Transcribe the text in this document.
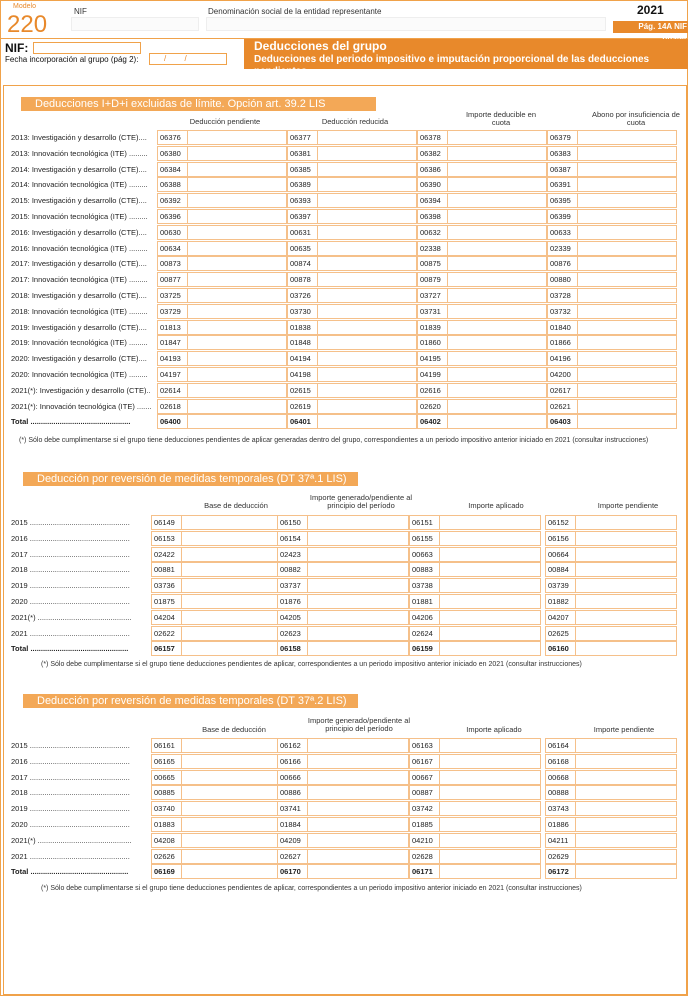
Modelo
220	NIF	Denominación social de la entidad representante	2021
Pág. 14A NIF
NIF:
Fecha incorporación al grupo (pág 2):	/ /
Deducciones del grupo
Deducciones del periodo impositivo e imputación proporcional de las deducciones pendientes
Deducciones I+D+i excluidas de límite. Opción art. 39.2 LIS
Deducción pendiente	Deducción reducida
Importe deducible en cuota
Abono por insuficiencia de cuota
2013: Investigación y desarrollo (CTE)....	06376	06377	06378	06379
2013: Innovación tecnológica (ITE) .........	06380	06381	06382	06383
2014: Investigación y desarrollo (CTE)....	06384	06385	06386	06387
2014: Innovación tecnológica (ITE) .........	06388	06389	06390	06391
2015: Investigación y desarrollo (CTE)....	06392	06393	06394	06395
2015: Innovación tecnológica (ITE) .........	06396	06397	06398	06399
2016: Investigación y desarrollo (CTE)....	00630	00631	00632	00633
2016: Innovación tecnológica (ITE) .........	00634	00635	02338	02339
2017: Investigación y desarrollo (CTE)....	00873	00874	00875	00876
2017: Innovación tecnológica (ITE) .........	00877	00878	00879	00880
2018: Investigación y desarrollo (CTE)....	03725	03726	03727	03728
2018: Innovación tecnológica (ITE) .........	03729	03730	03731	03732
2019: Investigación y desarrollo (CTE)....	01813	01838	01839	01840
2019: Innovación tecnológica (ITE) .........	01847	01848	01860	01866
2020: Investigación y desarrollo (CTE)....	04193	04194	04195	04196
2020: Innovación tecnológica (ITE) .........	04197	04198	04199	04200
2021(*): Investigación y desarrollo (CTE)..	02614	02615	02616	02617
2021(*): Innovación tecnológica (ITE) .......	02618	02619	02620	02621
Total ................................................	06400	06401	06402	06403
(*) Sólo debe cumplimentarse si el grupo tiene deducciones pendientes de aplicar generadas dentro del grupo, correspondientes a un periodo impositivo anterior iniciado en 2021 (consultar instrucciones)
Deducción por reversión de medidas temporales (DT 37ª.1 LIS)
Base de deducción
Importe generado/pendiente al principio del período	Importe aplicado	Importe pendiente
2015 ................................................	06149	06150	06151	06152
2016 ................................................	06153	06154	06155	06156
2017 ................................................	02422	02423	00663	00664
2018 ................................................	00881	00882	00883	00884
2019 ................................................	03736	03737	03738	03739
2020 ................................................	01875	01876	01881	01882
2021(*) .............................................	04204	04205	04206	04207
2021 ................................................	02622	02623	02624	02625
Total ...............................................	06157	06158	06159	06160
(*) Sólo debe cumplimentarse si el grupo tiene deducciones pendientes de aplicar, correspondientes a un periodo impositivo anterior iniciado en 2021 (consultar instrucciones)
Deducción por reversión de medidas temporales (DT 37ª.2 LIS)
Base de deducción
Importe generado/pendiente al principio del período	Importe aplicado	Importe pendiente
2015 ................................................	06161	06162	06163	06164
2016 ................................................	06165	06166	06167	06168
2017 ................................................	00665	00666	00667	00668
2018 ................................................	00885	00886	00887	00888
2019 ................................................	03740	03741	03742	03743
2020 ................................................	01883	01884	01885	01886
2021(*) .............................................	04208	04209	04210	04211
2021 ................................................	02626	02627	02628	02629
Total ...............................................	06169	06170	06171	06172
(*) Sólo debe cumplimentarse si el grupo tiene deducciones pendientes de aplicar, correspondientes a un periodo impositivo anterior iniciado en 2021 (consultar instrucciones)
